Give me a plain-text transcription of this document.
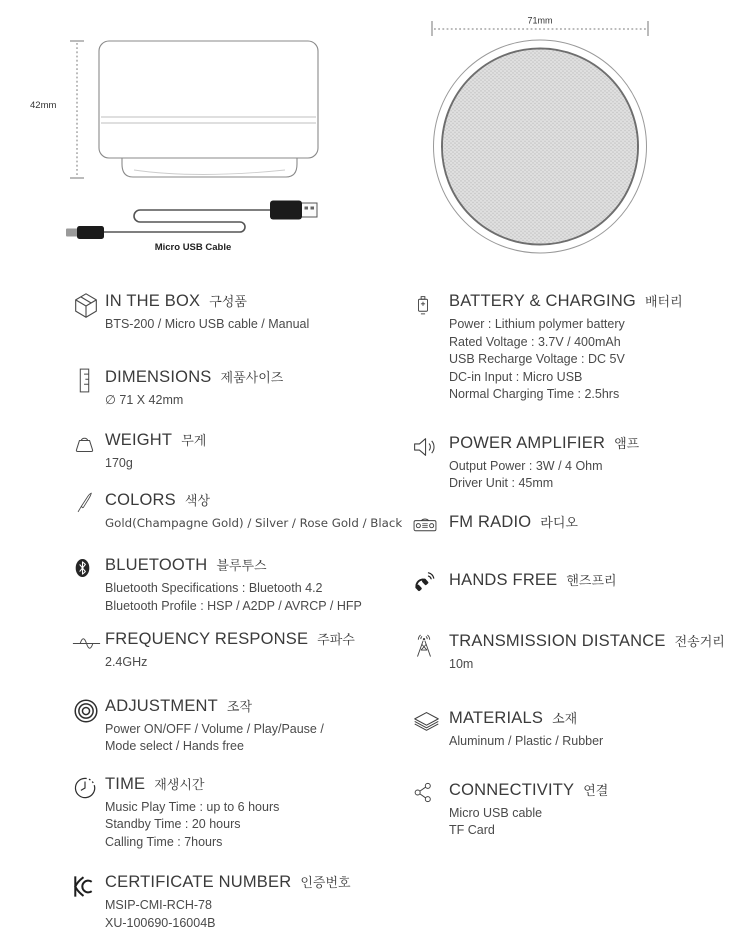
42mm
Micro USB Cable
71mm
IN THE BOX 구성품

BTS-200 / Micro USB cable / Manual

DIMENSIONS 제품사이즈

∅ 71 X 42mm

WEIGHT 무게

170g

COLORS 색상

Gold(Champagne Gold) / Silver / Rose Gold / Black

BLUETOOTH 블루투스

Bluetooth Specifications : Bluetooth 4.2

Bluetooth Profile : HSP / A2DP / AVRCP / HFP

FREQUENCY RESPONSE 주파수

2.4GHz

ADJUSTMENT 조작

Power ON/OFF / Volume / Play/Pause /

Mode select / Hands free

TIME 재생시간

Music Play Time : up to 6 hours

Standby Time : 20 hours

Calling Time : 7hours

CERTIFICATE NUMBER 인증번호

MSIP-CMI-RCH-78

XU-100690-16004B

BATTERY & CHARGING 배터리

Power : Lithium polymer battery

Rated Voltage : 3.7V / 400mAh

USB Recharge Voltage : DC 5V

DC-in Input : Micro USB

Normal Charging Time : 2.5hrs

POWER AMPLIFIER 앰프

Output Power : 3W / 4 Ohm

Driver Unit : 45mm

FM RADIO 라디오
HANDS FREE 핸즈프리
TRANSMISSION DISTANCE 전송거리

10m

MATERIALS 소재

Aluminum / Plastic / Rubber

CONNECTIVITY 연결

Micro USB cable

TF Card
